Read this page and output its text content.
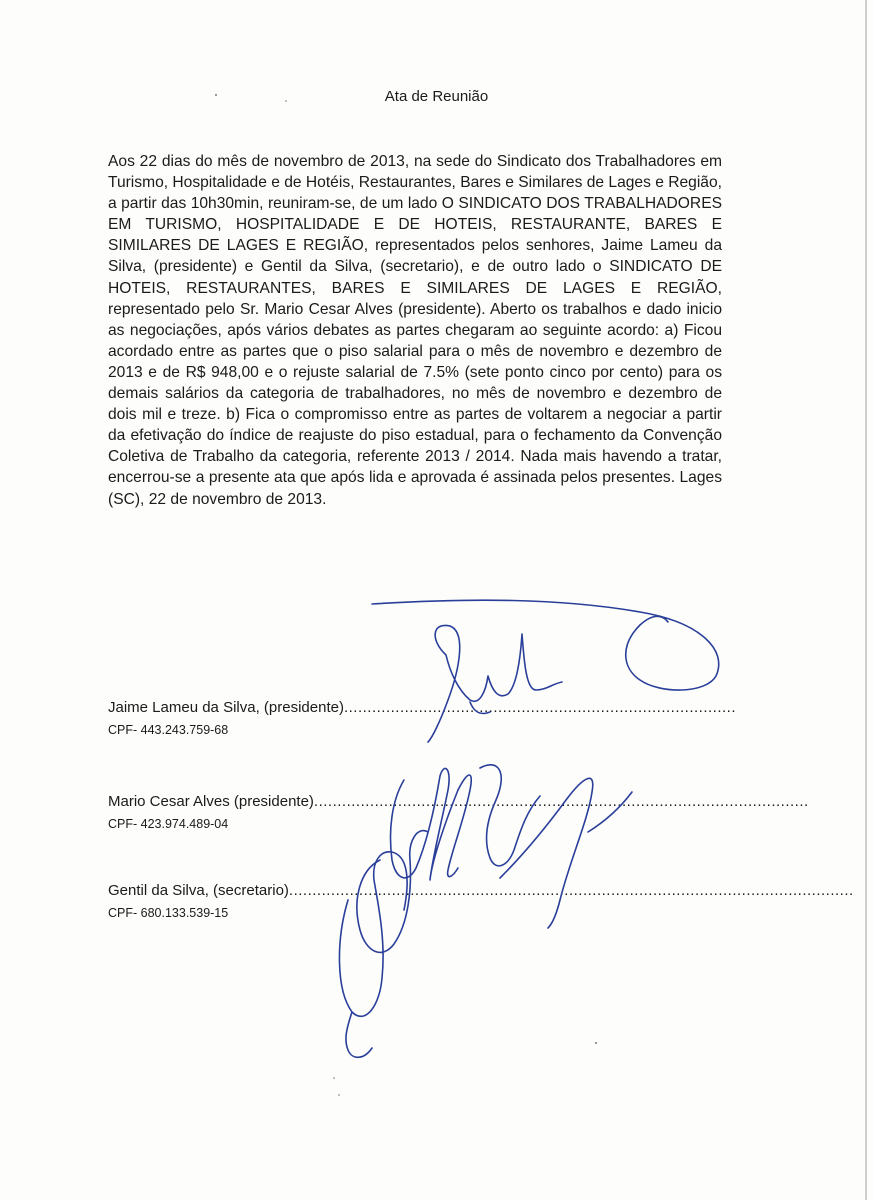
Ata de Reunião

Aos 22 dias do mês de novembro de 2013, na sede do Sindicato dos Trabalhadores em Turismo, Hospitalidade e de Hotéis, Restaurantes, Bares e Similares de Lages e Região, a partir das 10h30min, reuniram-se, de um lado O SINDICATO DOS TRABALHADORES EM TURISMO, HOSPITALIDADE E DE HOTEIS, RESTAURANTE, BARES E SIMILARES DE LAGES E REGIÃO, representados pelos senhores, Jaime Lameu da Silva, (presidente) e Gentil da Silva, (secretario), e de outro lado o SINDICATO DE HOTEIS, RESTAURANTES, BARES E SIMILARES DE LAGES E REGIÃO, representado pelo Sr. Mario Cesar Alves (presidente). Aberto os trabalhos e dado inicio as negociações, após vários debates as partes chegaram ao seguinte acordo: a) Ficou acordado entre as partes que o piso salarial para o mês de novembro e dezembro de 2013 e de R$ 948,00 e o rejuste salarial de 7.5% (sete ponto cinco por cento) para os demais salários da categoria de trabalhadores, no mês de novembro e dezembro de dois mil e treze. b) Fica o compromisso entre as partes de voltarem a negociar a partir da efetivação do índice de reajuste do piso estadual, para o fechamento da Convenção Coletiva de Trabalho da categoria, referente 2013 / 2014. Nada mais havendo a tratar, encerrou-se a presente ata que após lida e aprovada é assinada pelos presentes. Lages (SC), 22 de novembro de 2013.

Jaime Lameu da Silva, (presidente)....................................................................................
CPF- 443.243.759-68
Mario Cesar Alves (presidente)..........................................................................................................
CPF- 423.974.489-04
Gentil da Silva, (secretario).........................................................................................................................
CPF- 680.133.539-15
